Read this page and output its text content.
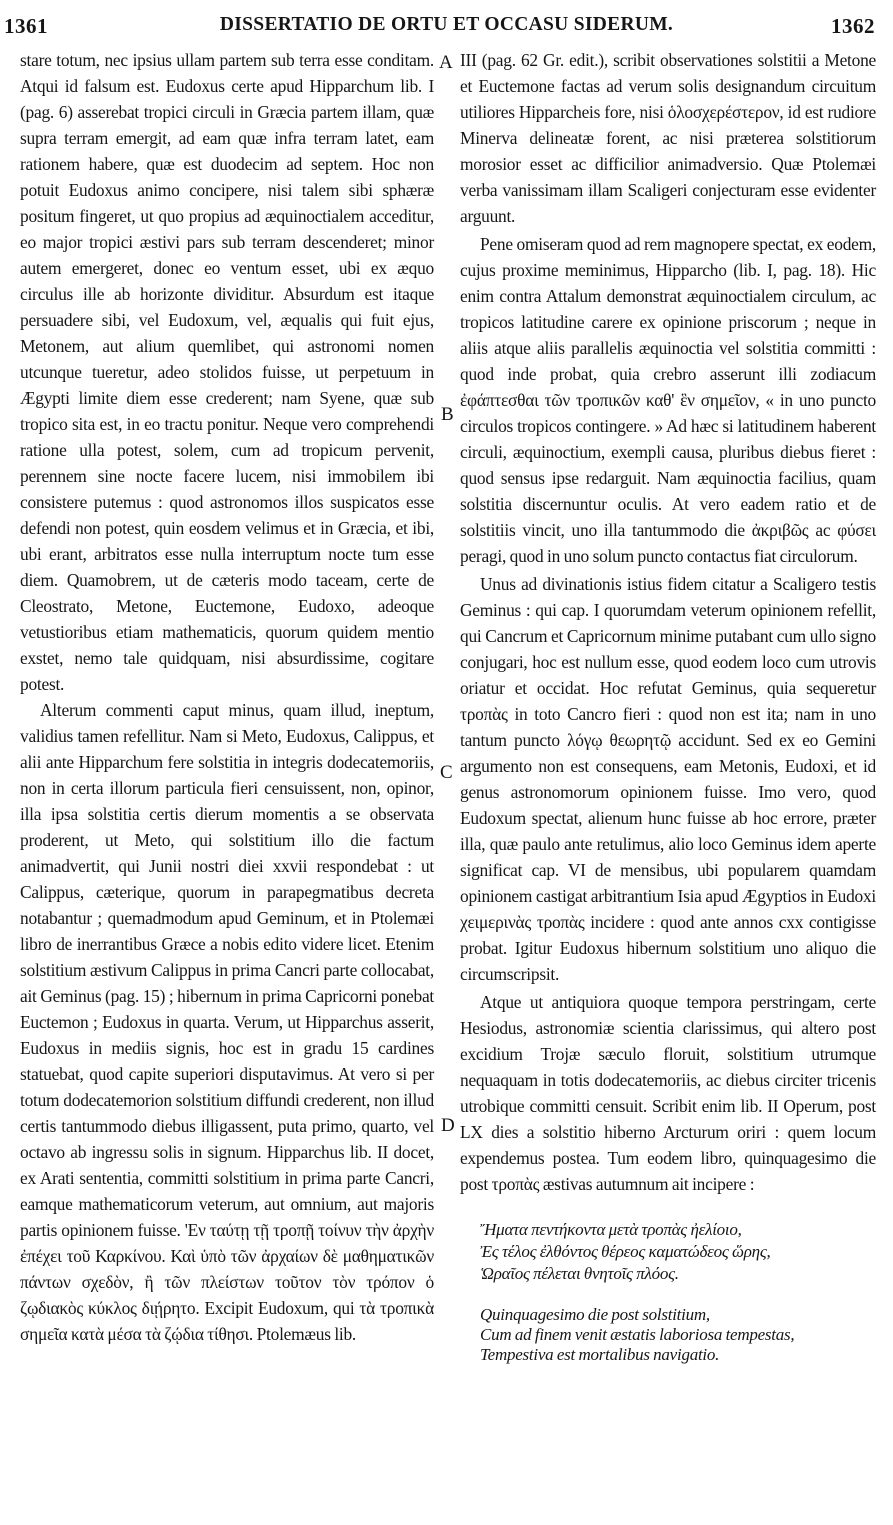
1361	DISSERTATIO DE ORTU ET OCCASU SIDERUM.	1362

stare totum, nec ipsius ullam partem sub terra esse conditam. Atqui id falsum est. Eudoxus certe apud Hipparchum lib. I (pag. 6) asserebat tropici circuli in Græcia partem illam, quæ supra terram emergit, ad eam quæ infra terram latet, eam rationem habere, quæ est duodecim ad septem. Hoc non potuit Eudoxus animo concipere, nisi talem sibi sphæræ positum fingeret, ut quo propius ad æquinoctialem acceditur, eo major tropici æstivi pars sub terram descenderet; minor autem emergeret, donec eo ventum esset, ubi ex æquo circulus ille ab horizonte dividitur. Absurdum est itaque persuadere sibi, vel Eudoxum, vel, æqualis qui fuit ejus, Metonem, aut alium quemlibet, qui astronomi nomen utcunque tueretur, adeo stolidos fuisse, ut perpetuum in Ægypti limite diem esse crederent; nam Syene, quæ sub tropico sita est, in eo tractu ponitur. Neque vero comprehendi ratione ulla potest, solem, cum ad tropicum pervenit, perennem sine nocte facere lucem, nisi immobilem ibi consistere putemus : quod astronomos illos suspicatos esse defendi non potest, quin eosdem velimus et in Græcia, et ibi, ubi erant, arbitratos esse nulla interruptum nocte tum esse diem. Quamobrem, ut de cæteris modo taceam, certe de Cleostrato, Metone, Euctemone, Eudoxo, adeoque vetustioribus etiam mathematicis, quorum quidem mentio exstet, nemo tale quidquam, nisi absurdissime, cogitare potest.

Alterum commenti caput minus, quam illud, ineptum, validius tamen refellitur. Nam si Meto, Eudoxus, Calippus, et alii ante Hipparchum fere solstitia in integris dodecatemoriis, non in certa illorum particula fieri censuissent, non, opinor, illa ipsa solstitia certis dierum momentis a se observata proderent, ut Meto, qui solstitium illo die factum animadvertit, qui Junii nostri diei xxvii respondebat : ut Calippus, cæterique, quorum in parapegmatibus decreta notabantur ; quemadmodum apud Geminum, et in Ptolemæi libro de inerrantibus Græce a nobis edito videre licet. Etenim solstitium æstivum Calippus in prima Cancri parte collocabat, ait Geminus (pag. 15) ; hibernum in prima Capricorni ponebat Euctemon ; Eudoxus in quarta. Verum, ut Hipparchus asserit, Eudoxus in mediis signis, hoc est in gradu 15 cardines statuebat, quod capite superiori disputavimus. At vero si per totum dodecatemorion solstitium diffundi crederent, non illud certis tantummodo diebus illigassent, puta primo, quarto, vel octavo ab ingressu solis in signum. Hipparchus lib. II docet, ex Arati sententia, committi solstitium in prima parte Cancri, eamque mathematicorum veterum, aut omnium, aut majoris partis opinionem fuisse. 'Εν ταύτῃ τῇ τροπῇ τοίνυν τὴν ἀρχὴν ἐπέχει τοῦ Καρκίνου. Καὶ ὑπὸ τῶν ἀρχαίων δὲ μαθηματικῶν πάντων σχεδὸν, ἢ τῶν πλείστων τοῦτον τὸν τρόπον ὁ ζῳδιακὸς κύκλος διῄρητο. Excipit Eudoxum, qui τὰ τροπικὰ σημεῖα κατὰ μέσα τὰ ζῴδια τίθησι. Ptolemæus lib.

A
B
C
D

III (pag. 62 Gr. edit.), scribit observationes solstitii a Metone et Euctemone factas ad verum solis designandum circuitum utiliores Hipparcheis fore, nisi ὁλοσχερέστερον, id est rudiore Minerva delineatæ forent, ac nisi præterea solstitiorum morosior esset ac difficilior animadversio. Quæ Ptolemæi verba vanissimam illam Scaligeri conjecturam esse evidenter arguunt.

Pene omiseram quod ad rem magnopere spectat, ex eodem, cujus proxime meminimus, Hipparcho (lib. I, pag. 18). Hic enim contra Attalum demonstrat æquinoctialem circulum, ac tropicos latitudine carere ex opinione priscorum ; neque in aliis atque aliis parallelis æquinoctia vel solstitia committi : quod inde probat, quia crebro asserunt illi zodiacum ἐφάπτεσθαι τῶν τροπικῶν καθ' ἓν σημεῖον, « in uno puncto circulos tropicos contingere. » Ad hæc si latitudinem haberent circuli, æquinoctium, exempli causa, pluribus diebus fieret : quod sensus ipse redarguit. Nam æquinoctia facilius, quam solstitia discernuntur oculis. At vero eadem ratio et de solstitiis vincit, uno illa tantummodo die ἀκριβῶς ac φύσει peragi, quod in uno solum puncto contactus fiat circulorum.

Unus ad divinationis istius fidem citatur a Scaligero testis Geminus : qui cap. I quorumdam veterum opinionem refellit, qui Cancrum et Capricornum minime putabant cum ullo signo conjugari, hoc est nullum esse, quod eodem loco cum utrovis oriatur et occidat. Hoc refutat Geminus, quia sequeretur τροπὰς in toto Cancro fieri : quod non est ita; nam in uno tantum puncto λόγῳ θεωρητῷ accidunt. Sed ex eo Gemini argumento non est consequens, eam Metonis, Eudoxi, et id genus astronomorum opinionem fuisse. Imo vero, quod Eudoxum spectat, alienum hunc fuisse ab hoc errore, præter illa, quæ paulo ante retulimus, alio loco Geminus idem aperte significat cap. VI de mensibus, ubi popularem quamdam opinionem castigat arbitrantium Isia apud Ægyptios in Eudoxi χειμερινὰς τροπὰς incidere : quod ante annos cxx contigisse probat. Igitur Eudoxus hibernum solstitium uno aliquo die circumscripsit.

Atque ut antiquiora quoque tempora perstringam, certe Hesiodus, astronomiæ scientia clarissimus, qui altero post excidium Trojæ sæculo floruit, solstitium utrumque nequaquam in totis dodecatemoriis, ac diebus circiter tricenis utrobique committi censuit. Scribit enim lib. II Operum, post LX dies a solstitio hiberno Arcturum oriri : quem locum expendemus postea. Tum eodem libro, quinquagesimo die post τροπὰς æstivas autumnum ait incipere :

Ἤματα πεντήκοντα μετὰ τροπὰς ἠελίοιο,
Ἐς τέλος ἐλθόντος θέρεος καματώδεος ὥρης,
Ὡραῖος πέλεται θνητοῖς πλόος.
Quinquagesimo die post solstitium,
Cum ad finem venit æstatis laboriosa tempestas,
Tempestiva est mortalibus navigatio.
